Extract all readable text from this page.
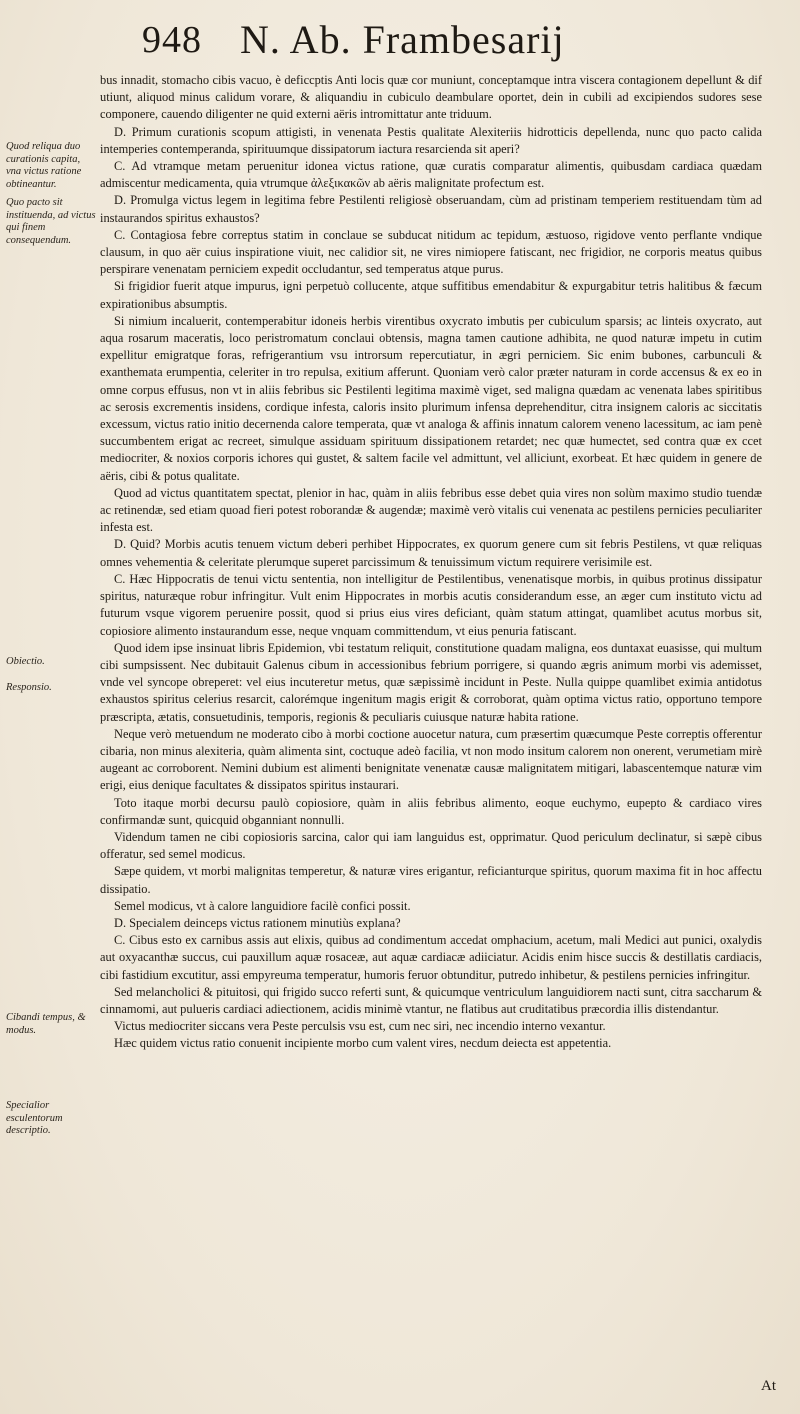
948 N. Ab. Frambesarij
Quod reliqua duo curationis capita, vna victus ratione obtineantur.
Quo pacto sit instituenda, ad victus qui finem consequendum.
Obiectio.
Responsio.
Cibandi tempus, & modus.
Specialior esculentorum descriptio.

bus innadit, stomacho cibis vacuo, è deficcptis Anti locis quæ cor muniunt, conceptamque intra viscera contagionem depellunt & dif utiunt, aliquod minus calidum vorare, & aliquandiu in cubiculo deambulare oportet, dein in cubili ad excipiendos sudores sese componere, cauendo diligenter ne quid externi aëris intromittatur ante triduum.

D. Primum curationis scopum attigisti, in venenata Pestis qualitate Alexiteriis hidrotticis depellenda, nunc quo pacto calida intemperies contemperanda, spirituumque dissipatorum iactura resarcienda sit aperi?

C. Ad vtramque metam peruenitur idonea victus ratione, quæ curatis comparatur alimentis, quibusdam cardiaca quædam admiscentur medicamenta, quia vtrumque ἀλεξικακῶν ab aëris malignitate profectum est.

D. Promulga victus legem in legitima febre Pestilenti religiosè obseruandam, cùm ad pristinam temperiem restituendam tùm ad instaurandos spiritus exhaustos?

C. Contagiosa febre correptus statim in conclaue se subducat nitidum ac tepidum, æstuoso, rigidove vento perflante vndique clausum, in quo aër cuius inspiratione viuit, nec calidior sit, ne vires nimiopere fatiscant, nec frigidior, ne corporis meatus quibus perspirare venenatam perniciem expedit occludantur, sed temperatus atque purus.

Si frigidior fuerit atque impurus, igni perpetuò collucente, atque suffitibus emendabitur & expurgabitur tetris halitibus & fæcum expirationibus absumptis.

Si nimium incaluerit, contemperabitur idoneis herbis virentibus oxycrato imbutis per cubiculum sparsis; ac linteis oxycrato, aut aqua rosarum maceratis, loco peristromatum conclaui obtensis, magna tamen cautione adhibita, ne quod naturæ impetu in cutim expellitur emigratque foras, refrigerantium vsu introrsum repercutiatur, in ægri perniciem. Sic enim bubones, carbunculi & exanthemata erumpentia, celeriter in tro repulsa, exitium afferunt. Quoniam verò calor præter naturam in corde accensus & ex eo in omne corpus effusus, non vt in aliis febribus sic Pestilenti legitima maximè viget, sed maligna quædam ac venenata labes spiritibus ac serosis excrementis insidens, cordique infesta, caloris insito plurimum infensa deprehenditur, citra insignem caloris ac siccitatis excessum, victus ratio initio decernenda calore temperata, quæ vt analoga & affinis innatum calorem veneno lacessitum, ac iam penè succumbentem erigat ac recreet, simulque assiduam spirituum dissipationem retardet; nec quæ humectet, sed contra quæ ex ccet mediocriter, & noxios corporis ichores qui gustet, & saltem facile vel admittunt, vel alliciunt, exorbeat. Et hæc quidem in genere de aëris, cibi & potus qualitate.

Quod ad victus quantitatem spectat, plenior in hac, quàm in aliis febribus esse debet quia vires non solùm maximo studio tuendæ ac retinendæ, sed etiam quoad fieri potest roborandæ & augendæ; maximè verò vitalis cui venenata ac pestilens pernicies peculiariter infesta est.

D. Quid? Morbis acutis tenuem victum deberi perhibet Hippocrates, ex quorum genere cum sit febris Pestilens, vt quæ reliquas omnes vehementia & celeritate plerumque superet parcissimum & tenuissimum victum requirere verisimile est.

C. Hæc Hippocratis de tenui victu sententia, non intelligitur de Pestilentibus, venenatisque morbis, in quibus protinus dissipatur spiritus, naturæque robur infringitur. Vult enim Hippocrates in morbis acutis considerandum esse, an æger cum instituto victu ad futurum vsque vigorem peruenire possit, quod si prius eius vires deficiant, quàm statum attingat, quamlibet acutus morbus sit, copiosiore alimento instaurandum esse, neque vnquam committendum, vt eius penuria fatiscant.

Quod idem ipse insinuat libris Epidemion, vbi testatum reliquit, constitutione quadam maligna, eos duntaxat euasisse, qui multum cibi sumpsissent. Nec dubitauit Galenus cibum in accessionibus febrium porrigere, si quando ægris animum morbi vis ademisset, vnde vel syncope obreperet: vel eius incuteretur metus, quæ sæpissimè incidunt in Peste. Nulla quippe quamlibet eximia antidotus exhaustos spiritus celerius resarcit, calorémque ingenitum magis erigit & corroborat, quàm optima victus ratio, opportuno tempore præscripta, ætatis, consuetudinis, temporis, regionis & peculiaris cuiusque naturæ habita ratione.

Neque verò metuendum ne moderato cibo à morbi coctione auocetur natura, cum præsertim quæcumque Peste correptis offerentur cibaria, non minus alexiteria, quàm alimenta sint, coctuque adeò facilia, vt non modo insitum calorem non onerent, verumetiam mirè augeant ac corroborent. Nemini dubium est alimenti benignitate venenatæ causæ malignitatem mitigari, labascentemque naturæ vim erigi, eius denique facultates & dissipatos spiritus instaurari.

Toto itaque morbi decursu paulò copiosiore, quàm in aliis febribus alimento, eoque euchymo, eupepto & cardiaco vires confirmandæ sunt, quicquid obganniant nonnulli.

Videndum tamen ne cibi copiosioris sarcina, calor qui iam languidus est, opprimatur. Quod periculum declinatur, si sæpè cibus offeratur, sed semel modicus.

Sæpe quidem, vt morbi malignitas temperetur, & naturæ vires erigantur, reficianturque spiritus, quorum maxima fit in hoc affectu dissipatio.

Semel modicus, vt à calore languidiore facilè confici possit.

D. Specialem deinceps victus rationem minutiùs explana?

C. Cibus esto ex carnibus assis aut elixis, quibus ad condimentum accedat omphacium, acetum, mali Medici aut punici, oxalydis aut oxyacanthæ succus, cui pauxillum aquæ rosaceæ, aut aquæ cardiacæ adiiciatur. Acidis enim hisce succis & destillatis cardiacis, cibi fastidium excutitur, assi empyreuma temperatur, humoris feruor obtunditur, putredo inhibetur, & pestilens pernicies infringitur.

Sed melancholici & pituitosi, qui frigido succo referti sunt, & quicumque ventriculum languidiorem nacti sunt, citra saccharum & cinnamomi, aut pulueris cardiaci adiectionem, acidis minimè vtantur, ne flatibus aut cruditatibus præcordia illis distendantur.

Victus mediocriter siccans vera Peste perculsis vsu est, cum nec siri, nec incendio interno vexantur.

Hæc quidem victus ratio conuenit incipiente morbo cum valent vires, necdum deiecta est appetentia.

At
